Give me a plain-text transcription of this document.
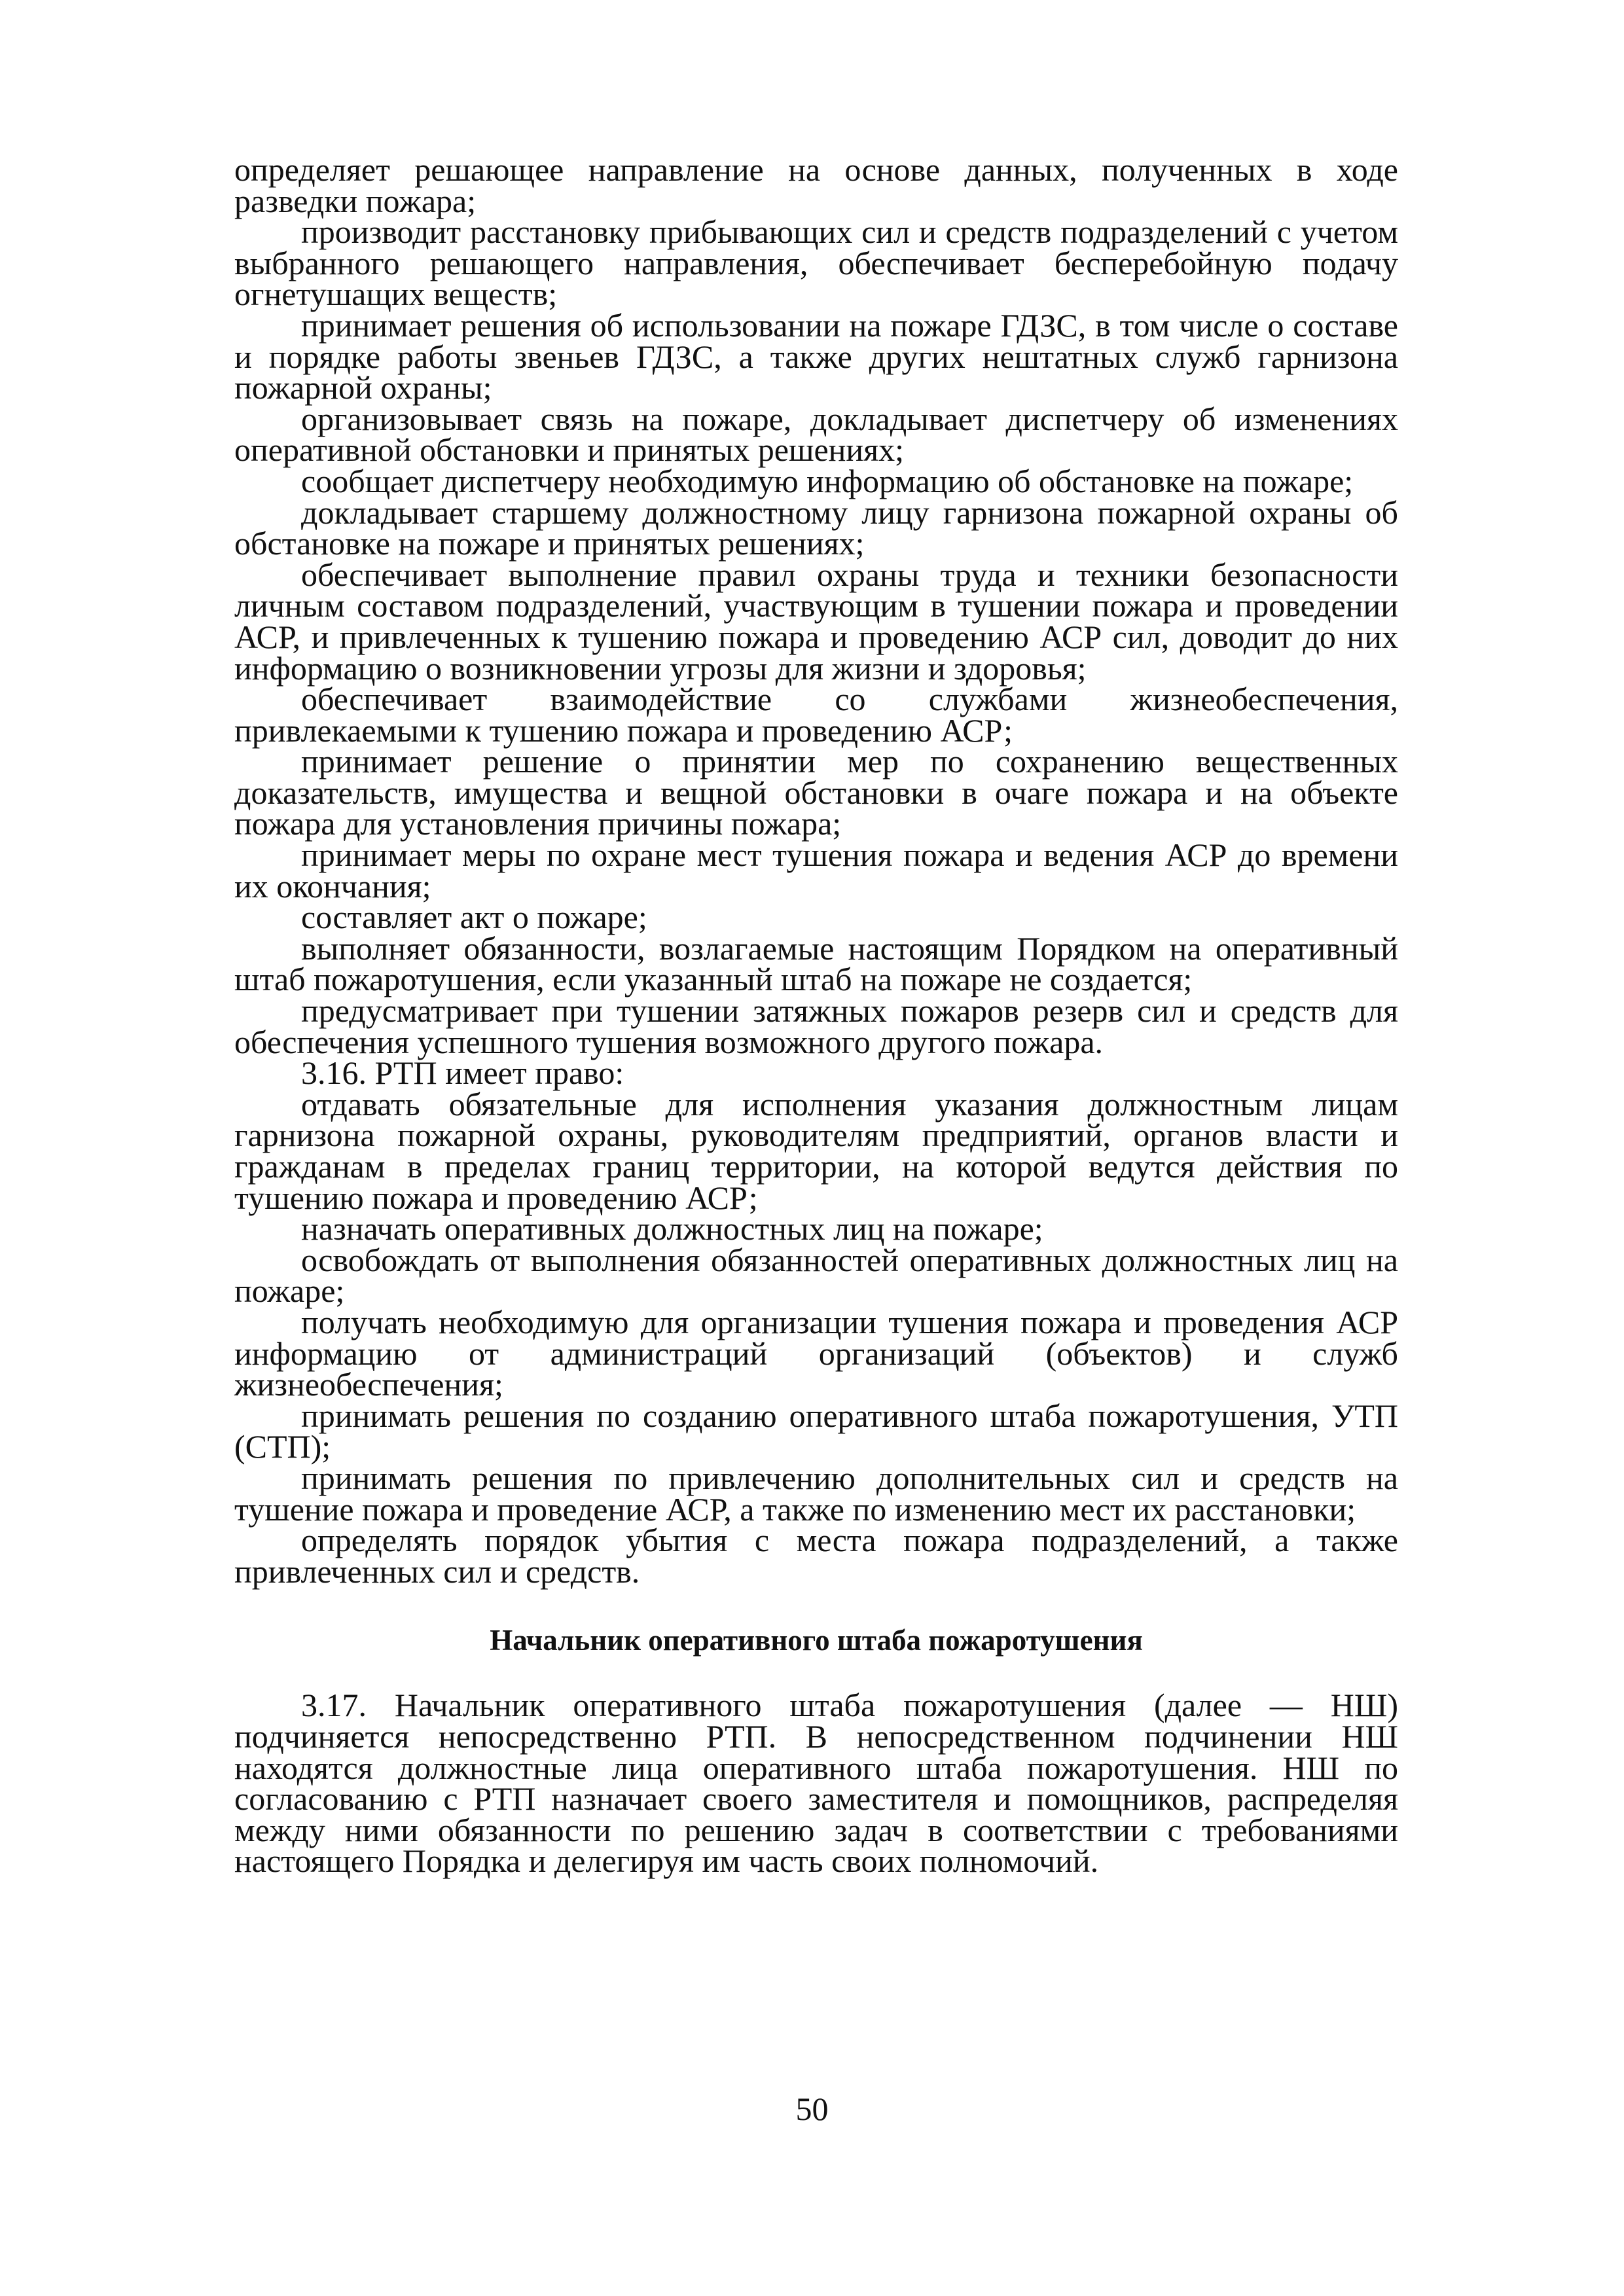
определяет решающее направление на основе данных, полученных в ходе разведки пожара;

производит расстановку прибывающих сил и средств подразделений с учетом выбранного решающего направления, обеспечивает бесперебойную подачу огнетушащих веществ;

принимает решения об использовании на пожаре ГДЗС, в том числе о составе и порядке работы звеньев ГДЗС, а также других нештатных служб гарнизона пожарной охраны;

организовывает связь на пожаре, докладывает диспетчеру об изменениях оперативной обстановки и принятых решениях;

сообщает диспетчеру необходимую информацию об обстановке на пожаре;

докладывает старшему должностному лицу гарнизона пожарной охраны об обстановке на пожаре и принятых решениях;

обеспечивает выполнение правил охраны труда и техники безопасности личным составом подразделений, участвующим в тушении пожара и проведении АСР, и привлеченных к тушению пожара и проведению АСР сил, доводит до них информацию о возникновении угрозы для жизни и здоровья;

обеспечивает взаимодействие со службами жизнеобеспечения, привлекаемыми к тушению пожара и проведению АСР;

принимает решение о принятии мер по сохранению вещественных доказательств, имущества и вещной обстановки в очаге пожара и на объекте пожара для установления причины пожара;

принимает меры по охране мест тушения пожара и ведения АСР до времени их окончания;

составляет акт о пожаре;

выполняет обязанности, возлагаемые настоящим Порядком на оперативный штаб пожаротушения, если указанный штаб на пожаре не создается;

предусматривает при тушении затяжных пожаров резерв сил и средств для обеспечения успешного тушения возможного другого пожара.

3.16. РТП имеет право:

отдавать обязательные для исполнения указания должностным лицам гарнизона пожарной охраны, руководителям предприятий, органов власти и гражданам в пределах границ территории, на которой ведутся действия по тушению пожара и проведению АСР;

назначать оперативных должностных лиц на пожаре;

освобождать от выполнения обязанностей оперативных должностных лиц на пожаре;

получать необходимую для организации тушения пожара и проведения АСР информацию от администраций организаций (объектов) и служб жизнеобеспечения;

принимать решения по созданию оперативного штаба пожаротушения, УТП (СТП);

принимать решения по привлечению дополнительных сил и средств на тушение пожара и проведение АСР, а также по изменению мест их расстановки;

определять порядок убытия с места пожара подразделений, а также привлеченных сил и средств.

Начальник оперативного штаба пожаротушения

3.17. Начальник оперативного штаба пожаротушения (далее — НШ) подчиняется непосредственно РТП. В непосредственном подчинении НШ находятся должностные лица оперативного штаба пожаротушения. НШ по согласованию с РТП назначает своего заместителя и помощников, распределяя между ними обязанности по решению задач в соответствии с требованиями настоящего Порядка и делегируя им часть своих полномочий.

50
